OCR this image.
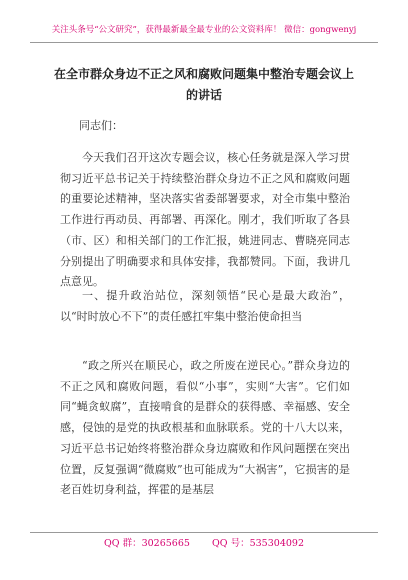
关注头条号“公文研究”，获得最新最全最专业的公文资料库！ 微信：gongwenyj
在全市群众身边不正之风和腐败问题集中整治专题会议上的讲话
同志们：

今天我们召开这次专题会议，核心任务就是深入学习贯彻习近平总书记关于持续整治群众身边不正之风和腐败问题的重要论述精神，坚决落实省委部署要求，对全市集中整治工作进行再动员、再部署、再深化。刚才，我们听取了各县（市、区）和相关部门的工作汇报，姚进同志、曹晓亮同志分别提出了明确要求和具体安排，我都赞同。下面，我讲几点意见。

一、提升政治站位，深刻领悟“民心是最大政治”，以“时时放心不下”的责任感扛牢集中整治使命担当

“政之所兴在顺民心，政之所废在逆民心。”群众身边的不正之风和腐败问题，看似“小事”，实则“大害”。它们如同“蝇贪蚁腐”，直接啃食的是群众的获得感、幸福感、安全感，侵蚀的是党的执政根基和血脉联系。党的十八大以来，习近平总书记始终将整治群众身边腐败和作风问题摆在突出位置，反复强调“微腐败”也可能成为“大祸害”，它损害的是老百姓切身利益，挥霍的是基层

QQ 群：30265665 QQ 号：535304092
